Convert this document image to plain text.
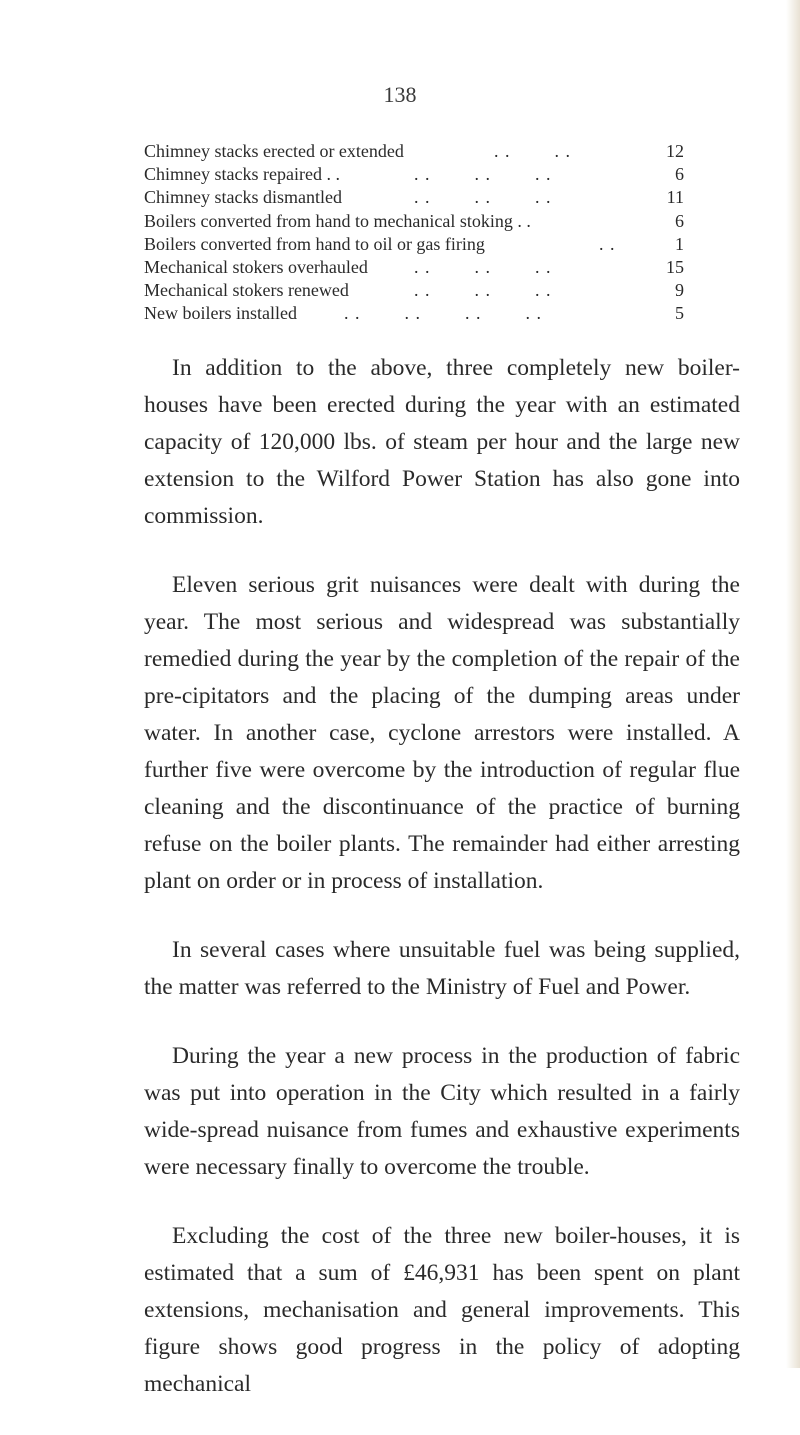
138
Chimney stacks erected or extended	. .        . .	12
Chimney stacks repaired . .	. .        . .        . .	6
Chimney stacks dismantled	. .        . .        . .	11
Boilers converted from hand to mechanical stoking . .	6
Boilers converted from hand to oil or gas firing	. .	1
Mechanical stokers overhauled	. .        . .        . .	15
Mechanical stokers renewed	. .        . .        . .	9
New boilers installed	. .        . .        . .        . .	5

In addition to the above, three completely new boiler-houses have been erected during the year with an estimated capacity of 120,000 lbs. of steam per hour and the large new extension to the Wilford Power Station has also gone into commission.

Eleven serious grit nuisances were dealt with during the year. The most serious and widespread was substantially remedied during the year by the completion of the repair of the pre-cipitators and the placing of the dumping areas under water. In another case, cyclone arrestors were installed. A further five were overcome by the introduction of regular flue cleaning and the discontinuance of the practice of burning refuse on the boiler plants. The remainder had either arresting plant on order or in process of installation.

In several cases where unsuitable fuel was being supplied, the matter was referred to the Ministry of Fuel and Power.

During the year a new process in the production of fabric was put into operation in the City which resulted in a fairly wide-spread nuisance from fumes and exhaustive experiments were necessary finally to overcome the trouble.

Excluding the cost of the three new boiler-houses, it is estimated that a sum of £46,931 has been spent on plant extensions, mechanisation and general improvements. This figure shows good progress in the policy of adopting mechanical
